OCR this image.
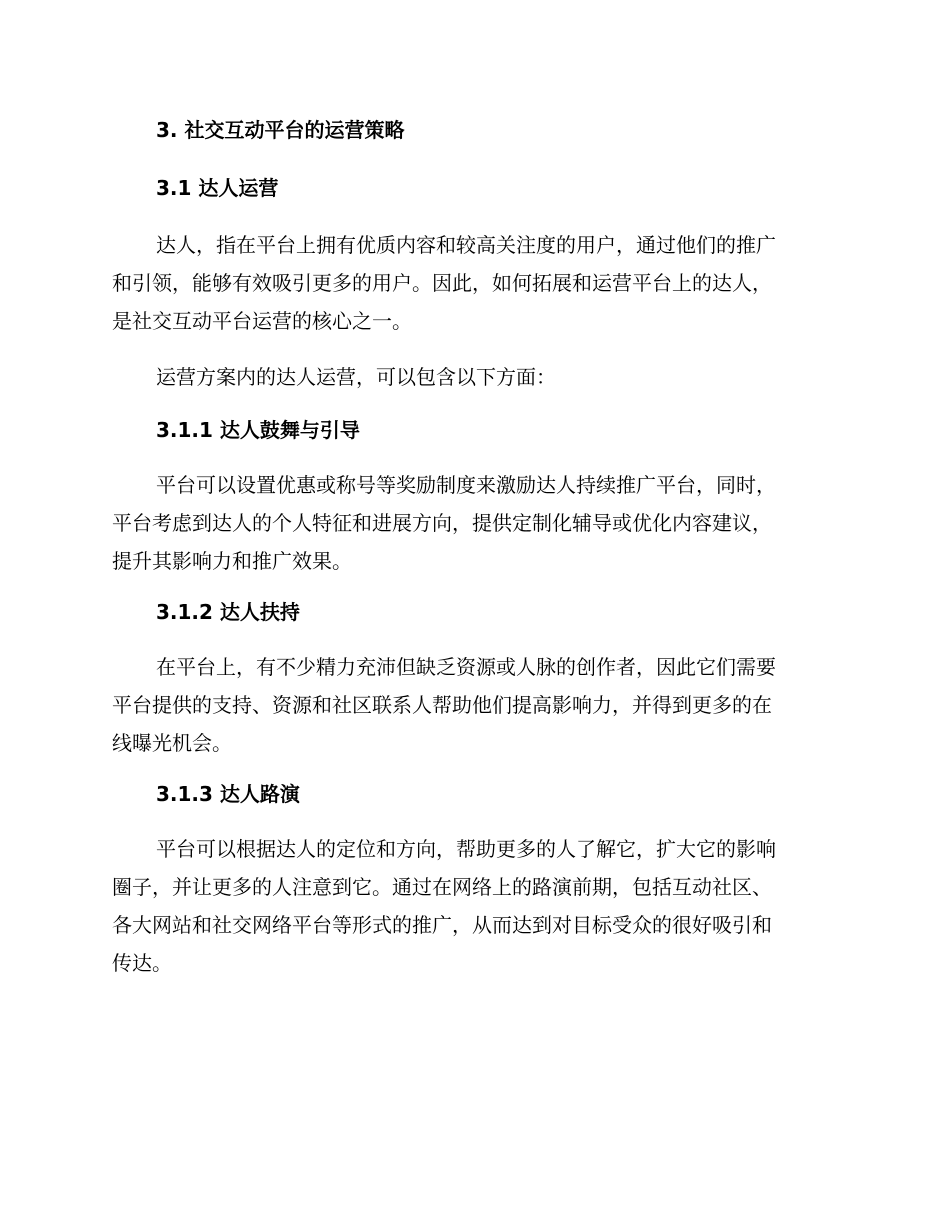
3. 社交互动平台的运营策略
3.1 达人运营

达人，指在平台上拥有优质内容和较高关注度的用户，通过他们的推广
和引领，能够有效吸引更多的用户。因此，如何拓展和运营平台上的达人，
是社交互动平台运营的核心之一。

运营方案内的达人运营，可以包含以下方面：

3.1.1 达人鼓舞与引导

平台可以设置优惠或称号等奖励制度来激励达人持续推广平台，同时，
平台考虑到达人的个人特征和进展方向，提供定制化辅导或优化内容建议，
提升其影响力和推广效果。

3.1.2 达人扶持

在平台上，有不少精力充沛但缺乏资源或人脉的创作者，因此它们需要
平台提供的支持、资源和社区联系人帮助他们提高影响力，并得到更多的在
线曝光机会。

3.1.3 达人路演

平台可以根据达人的定位和方向，帮助更多的人了解它，扩大它的影响
圈子，并让更多的人注意到它。通过在网络上的路演前期，包括互动社区、
各大网站和社交网络平台等形式的推广，从而达到对目标受众的很好吸引和
传达。
